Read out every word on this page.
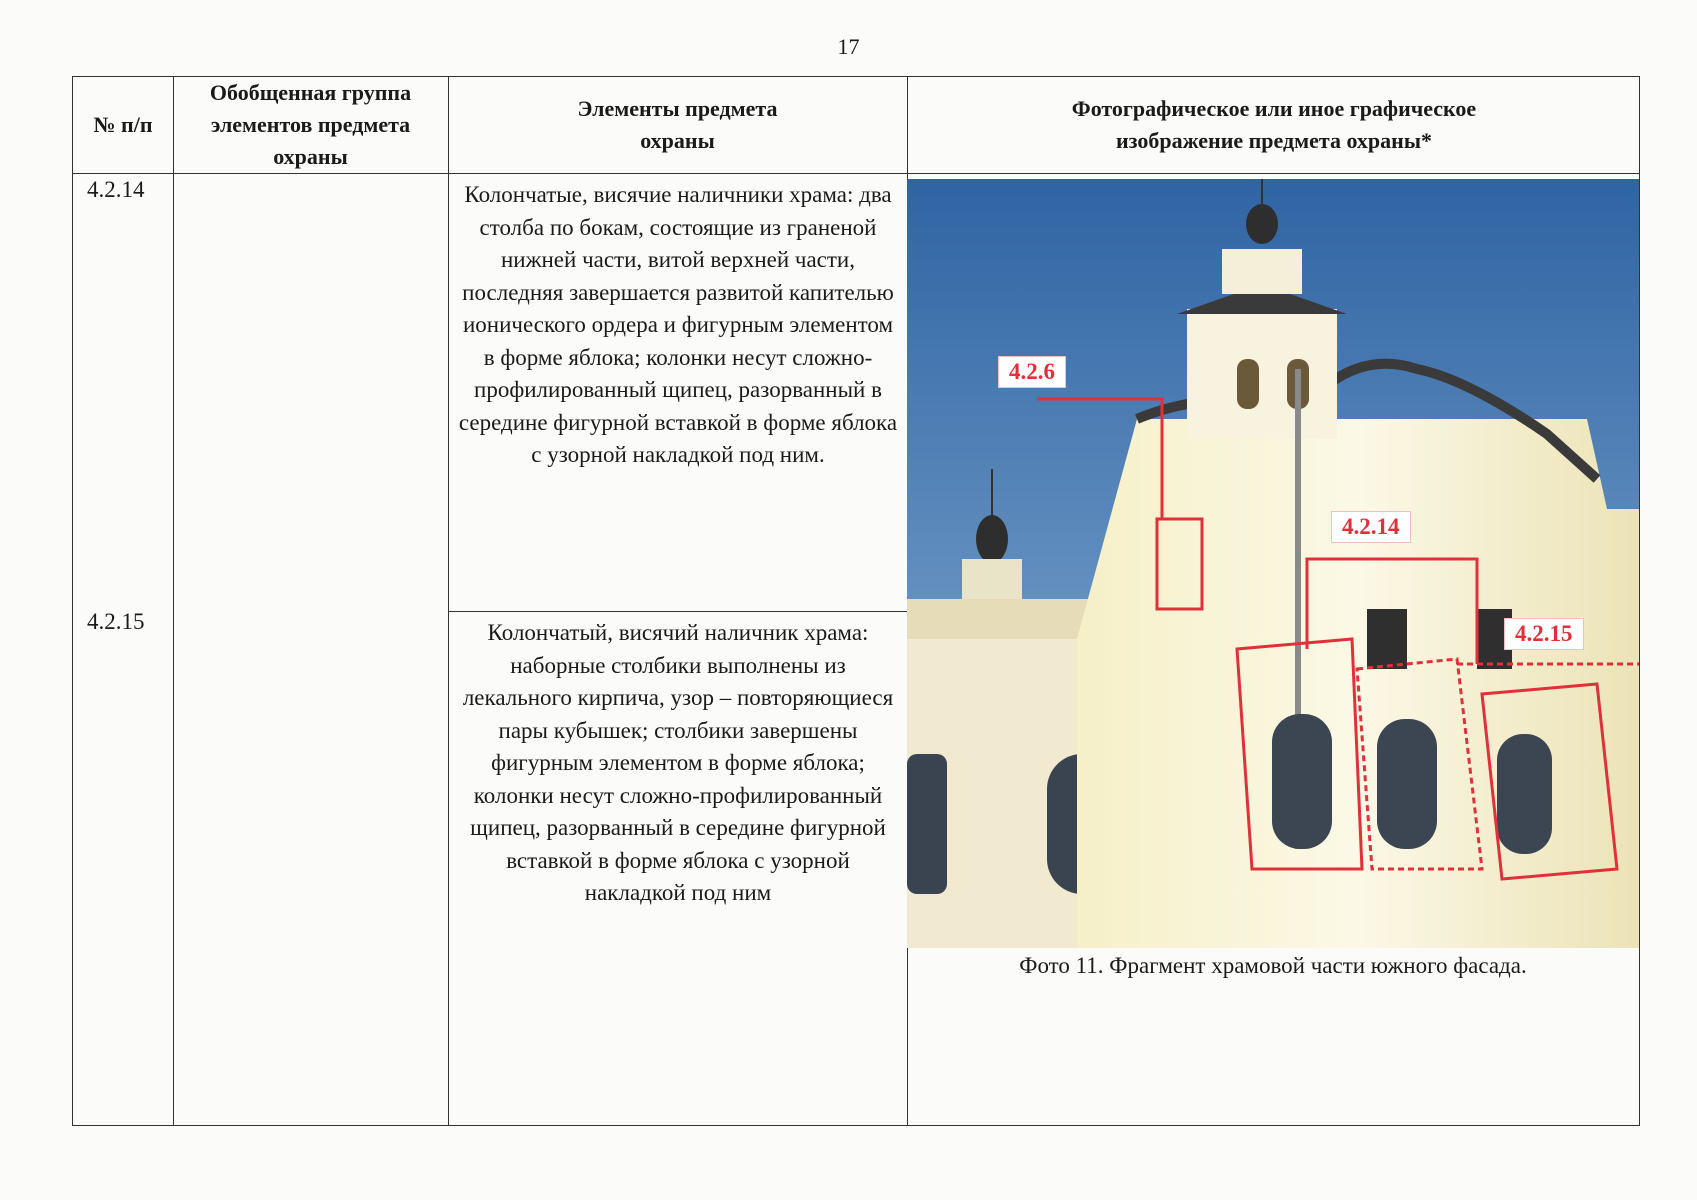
17
№ п/п
Обобщенная группа элементов предмета охраны
Элементы предмета охраны
Фотографическое или иное графическое изображение предмета охраны*
4.2.14	Колончатые, висячие наличники храма: два столба по бокам, состоящие из граненой нижней части, витой верхней части, последняя завершается развитой капителью ионического ордера и фигурным элементом в форме яблока; колонки несут сложно-профилированный щипец, разорванный в середине фигурной вставкой в форме яблока с узорной накладкой под ним.
4.2.15	Колончатый, висячий наличник храма: наборные столбики выполнены из лекального кирпича, узор – повторяющиеся пары кубышек; столбики завершены фигурным элементом в форме яблока; колонки несут сложно-профилированный щипец, разорванный в середине фигурной вставкой в форме яблока с узорной накладкой под ним
4.2.6
4.2.14
4.2.15
Фото 11. Фрагмент храмовой части южного фасада.
